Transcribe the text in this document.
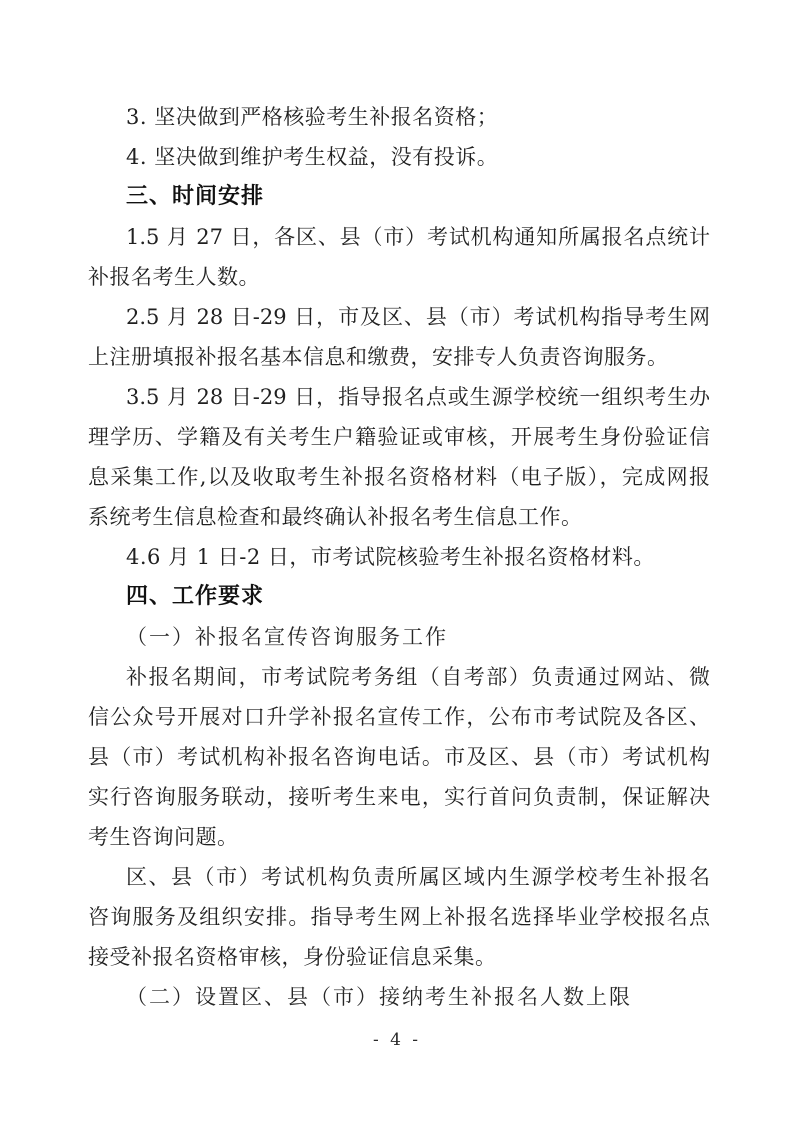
3. 坚决做到严格核验考生补报名资格；

4. 坚决做到维护考生权益，没有投诉。

三、时间安排

1.5 月 27 日，各区、县（市）考试机构通知所属报名点统计

补报名考生人数。

2.5 月 28 日-29 日，市及区、县（市）考试机构指导考生网

上注册填报补报名基本信息和缴费，安排专人负责咨询服务。

3.5 月 28 日-29 日，指导报名点或生源学校统一组织考生办

理学历、学籍及有关考生户籍验证或审核，开展考生身份验证信

息采集工作,以及收取考生补报名资格材料（电子版），完成网报

系统考生信息检查和最终确认补报名考生信息工作。

4.6 月 1 日-2 日，市考试院核验考生补报名资格材料。

四、工作要求

（一）补报名宣传咨询服务工作

补报名期间，市考试院考务组（自考部）负责通过网站、微

信公众号开展对口升学补报名宣传工作，公布市考试院及各区、

县（市）考试机构补报名咨询电话。市及区、县（市）考试机构

实行咨询服务联动，接听考生来电，实行首问负责制，保证解决

考生咨询问题。

区、县（市）考试机构负责所属区域内生源学校考生补报名

咨询服务及组织安排。指导考生网上补报名选择毕业学校报名点

接受补报名资格审核，身份验证信息采集。

（二）设置区、县（市）接纳考生补报名人数上限

- 4 -
